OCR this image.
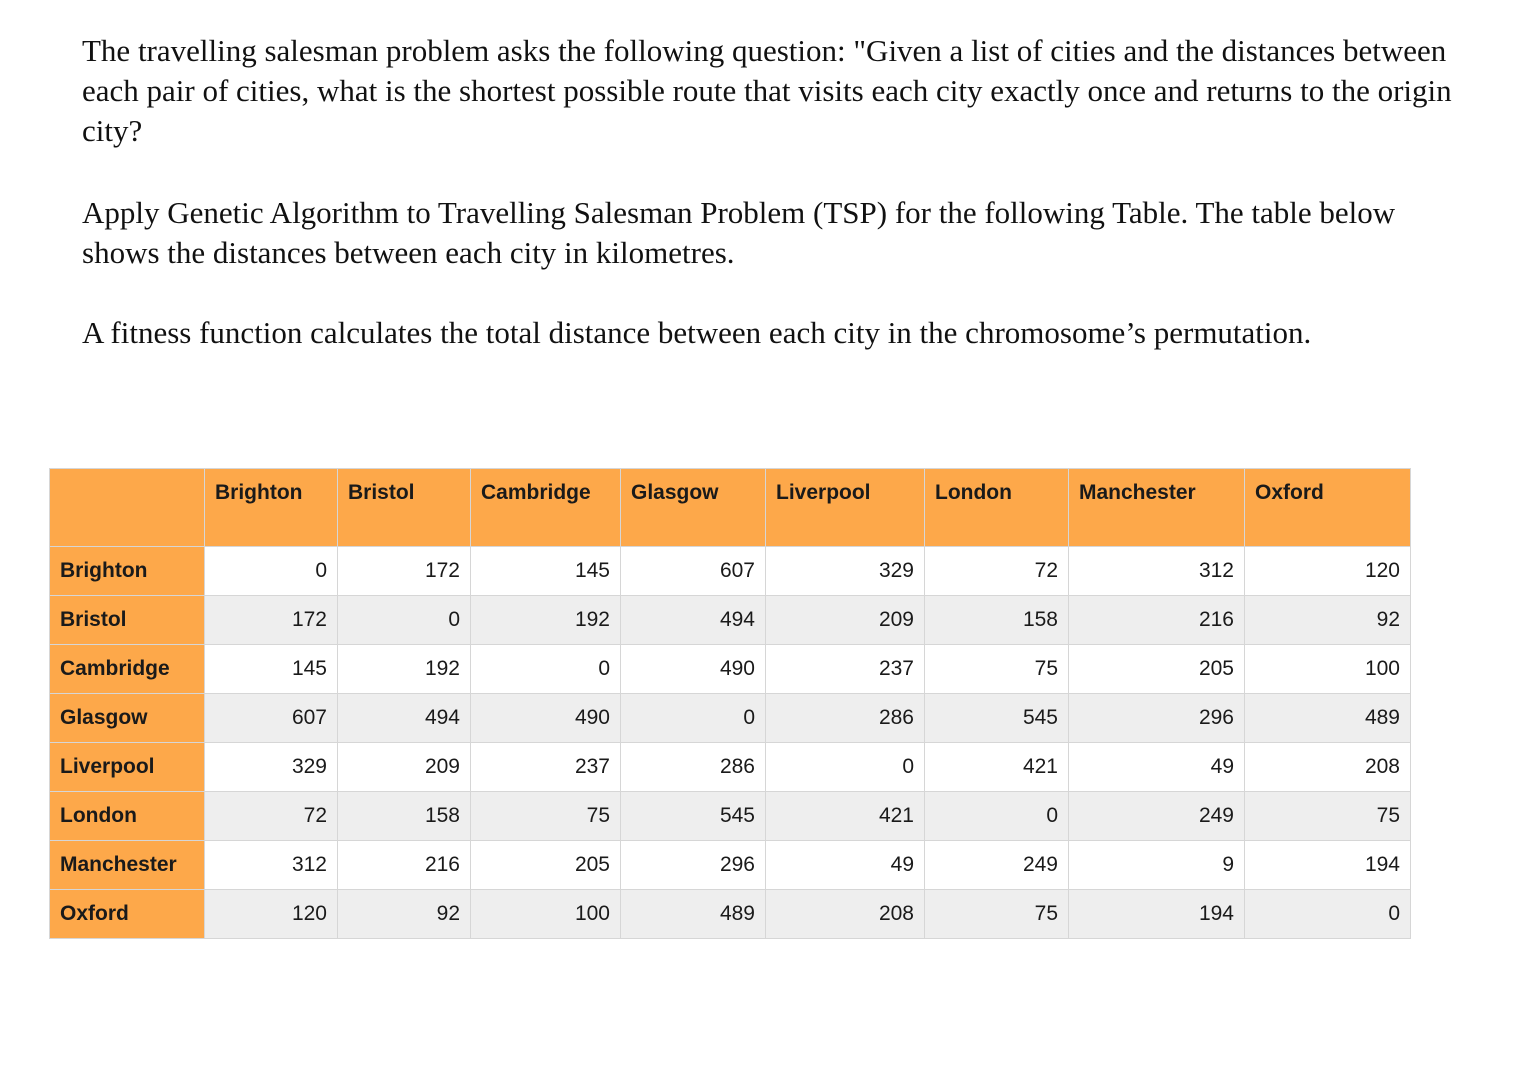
The travelling salesman problem asks the following question: "Given a list of cities and the distances between each pair of cities, what is the shortest possible route that visits each city exactly once and returns to the origin city?

Apply Genetic Algorithm to Travelling Salesman Problem (TSP) for the following Table. The table below shows the distances between each city in kilometres.

A fitness function calculates the total distance between each city in the chromosome’s permutation.

	Brighton	Bristol	Cambridge	Glasgow	Liverpool	London	Manchester	Oxford
Brighton	0	172	145	607	329	72	312	120
Bristol	172	0	192	494	209	158	216	92
Cambridge	145	192	0	490	237	75	205	100
Glasgow	607	494	490	0	286	545	296	489
Liverpool	329	209	237	286	0	421	49	208
London	72	158	75	545	421	0	249	75
Manchester	312	216	205	296	49	249	9	194
Oxford	120	92	100	489	208	75	194	0
